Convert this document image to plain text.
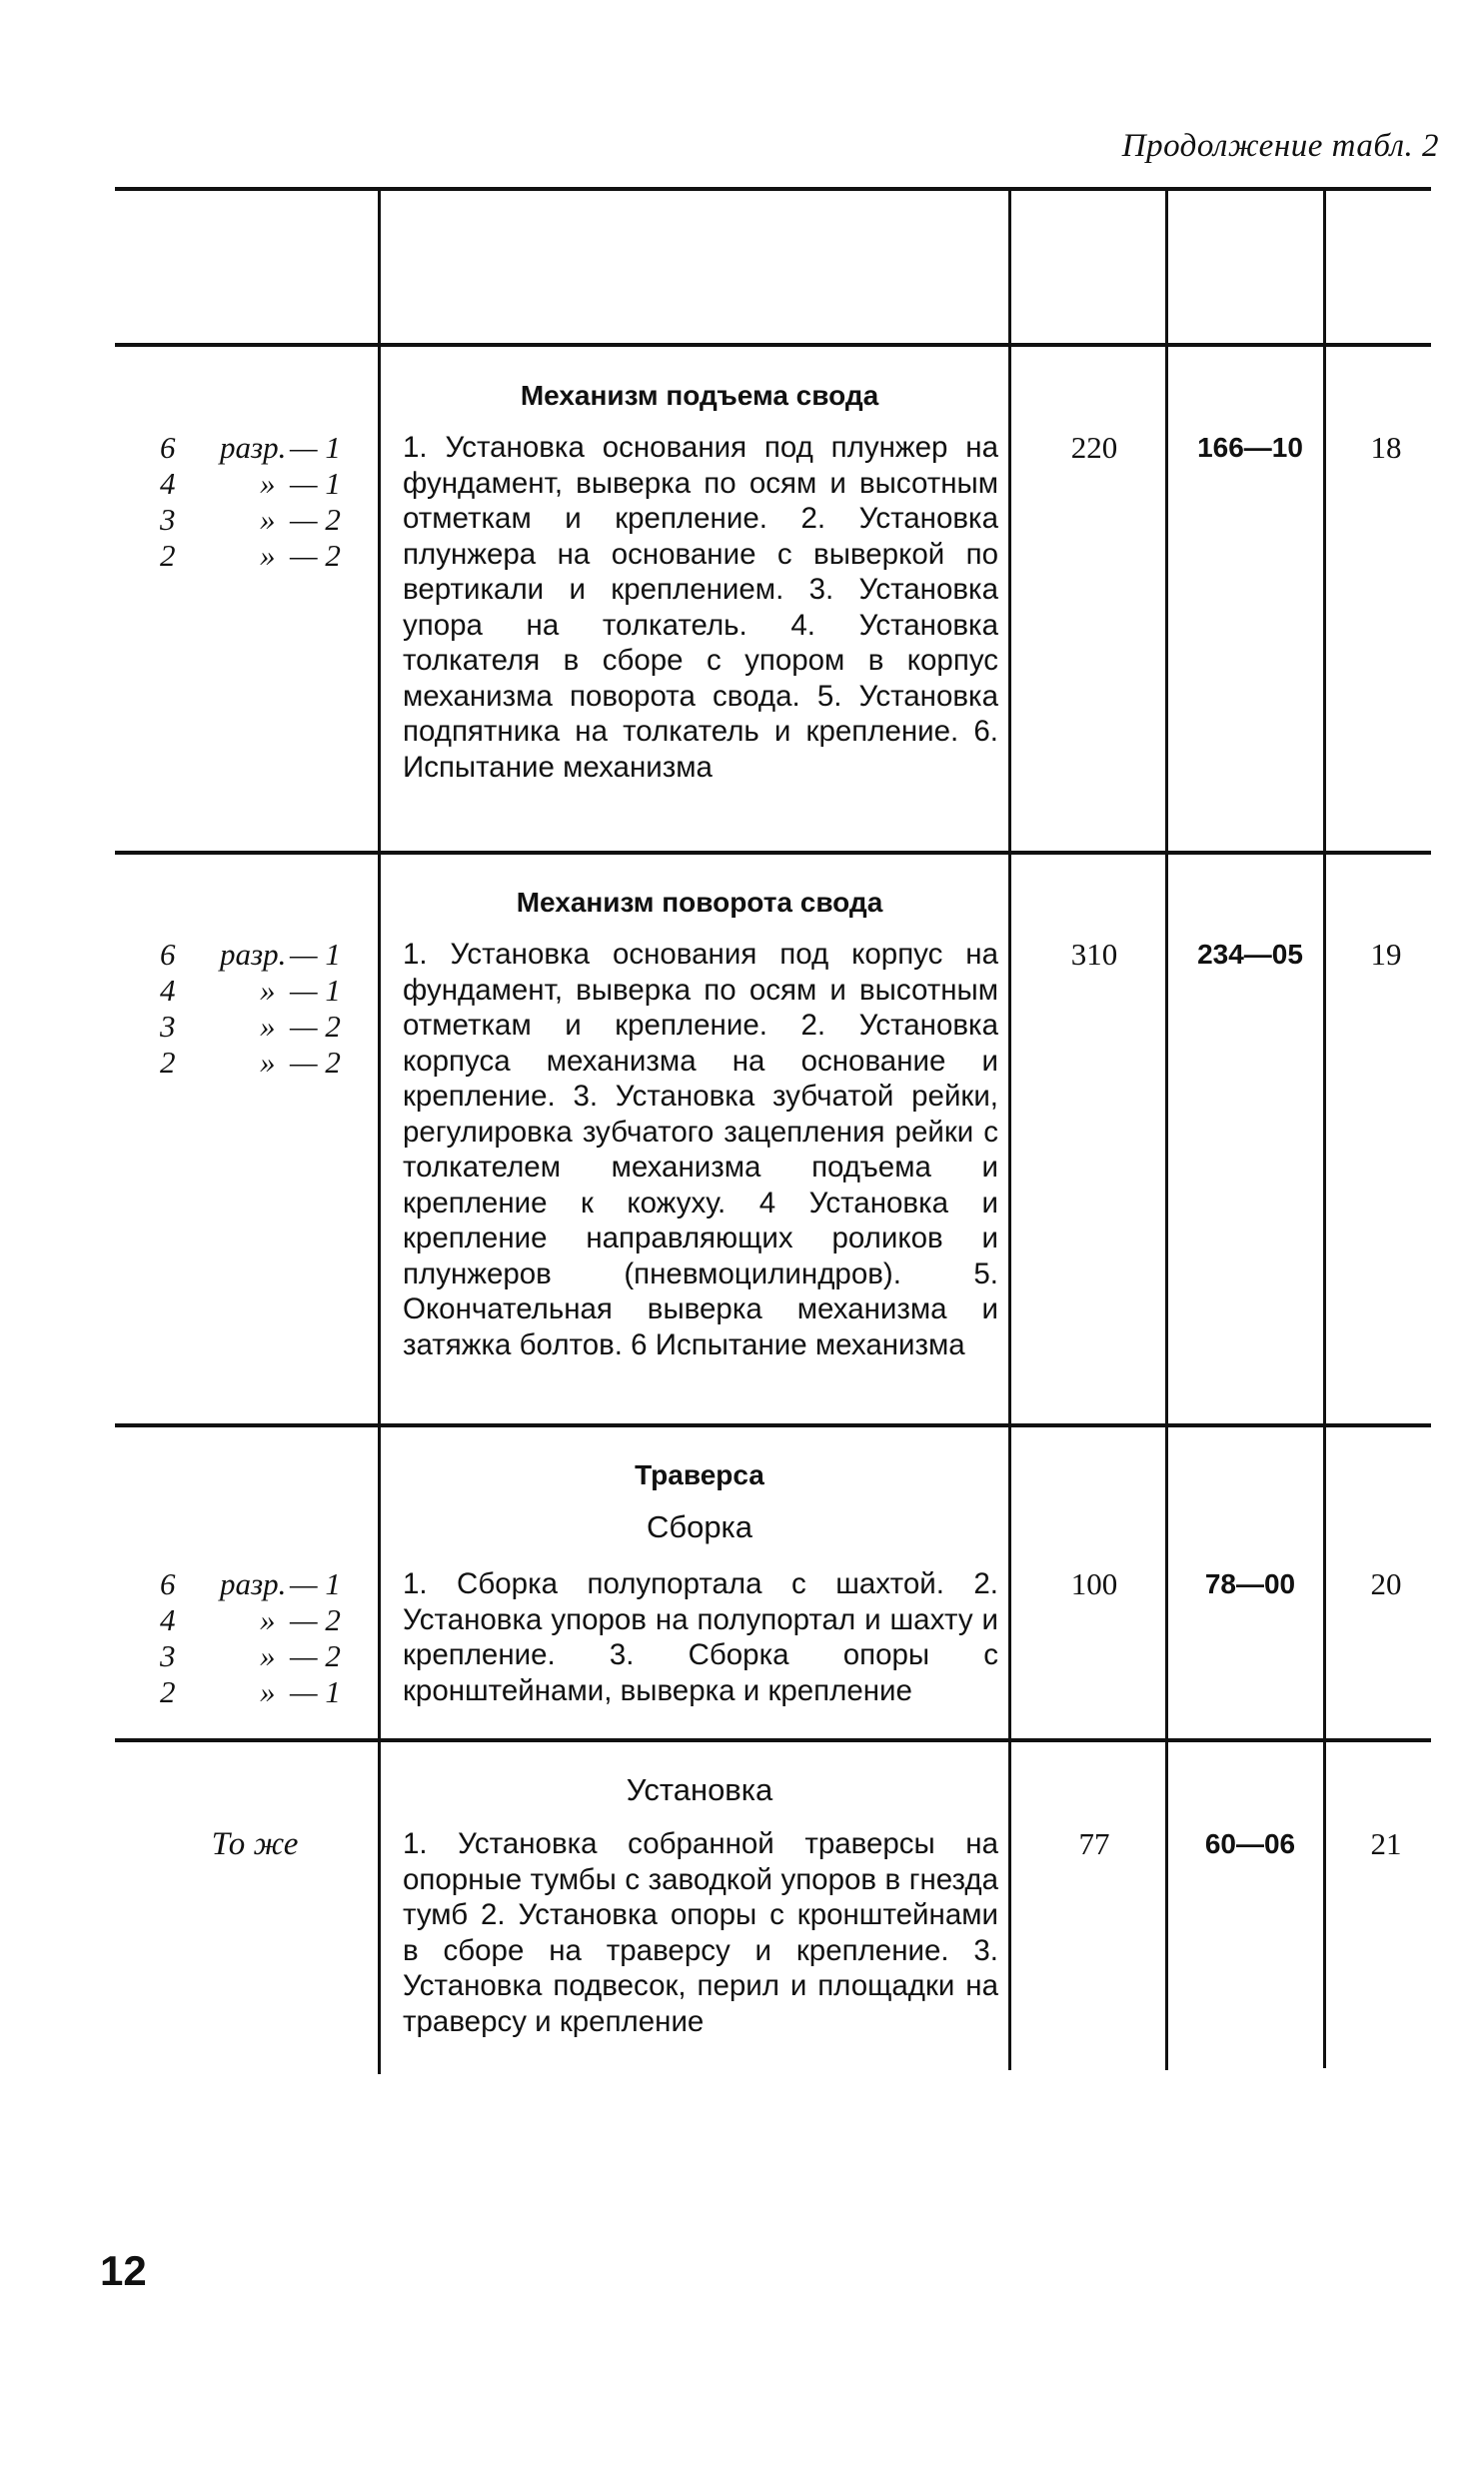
Продолжение табл. 2
Механизм подъема свода
6 разр. — 1
4	» — 1
3	» — 2
2	» — 2
1. Установка основания под плунжер на фундамент, выверка по осям и высотным отметкам и крепление. 2. Установка плунжера на основание с выверкой по вертикали и креплением. 3. Установка упора на толкатель. 4. Установка толкателя в сборе с упором в корпус механизма поворота свода. 5. Установка подпятника на толкатель и крепление. 6. Испытание механизма
220	166—10	18
Механизм поворота свода
6 разр. — 1
4	» — 1
3	» — 2
2	» — 2
1. Установка основания под корпус на фундамент, выверка по осям и высотным отметкам и крепление. 2. Установка корпуса механизма на основание и крепление. 3. Установка зубчатой рейки, регулировка зубчатого зацепления рейки с толкателем механизма подъема и крепление к кожуху. 4 Установка и крепление направляющих роликов и плунжеров (пневмоцилиндров). 5. Окончательная выверка механизма и затяжка болтов. 6 Испытание механизма
310	234—05	19
Траверса
Сборка
6 разр. — 1
4	» — 2
3	» — 2
2	» — 1
1. Сборка полупортала с шахтой. 2. Установка упоров на полупортал и шахту и крепление. 3. Сборка опоры с кронштейнами, выверка и крепление
100	78—00	20
Установка
То же	1. Установка собранной траверсы на опорные тумбы с заводкой упоров в гнезда тумб 2. Установка опоры с кронштейнами в сборе на траверсу и крепление. 3. Установка подвесок, перил и площадки на траверсу и крепление
77	60—06	21
12
